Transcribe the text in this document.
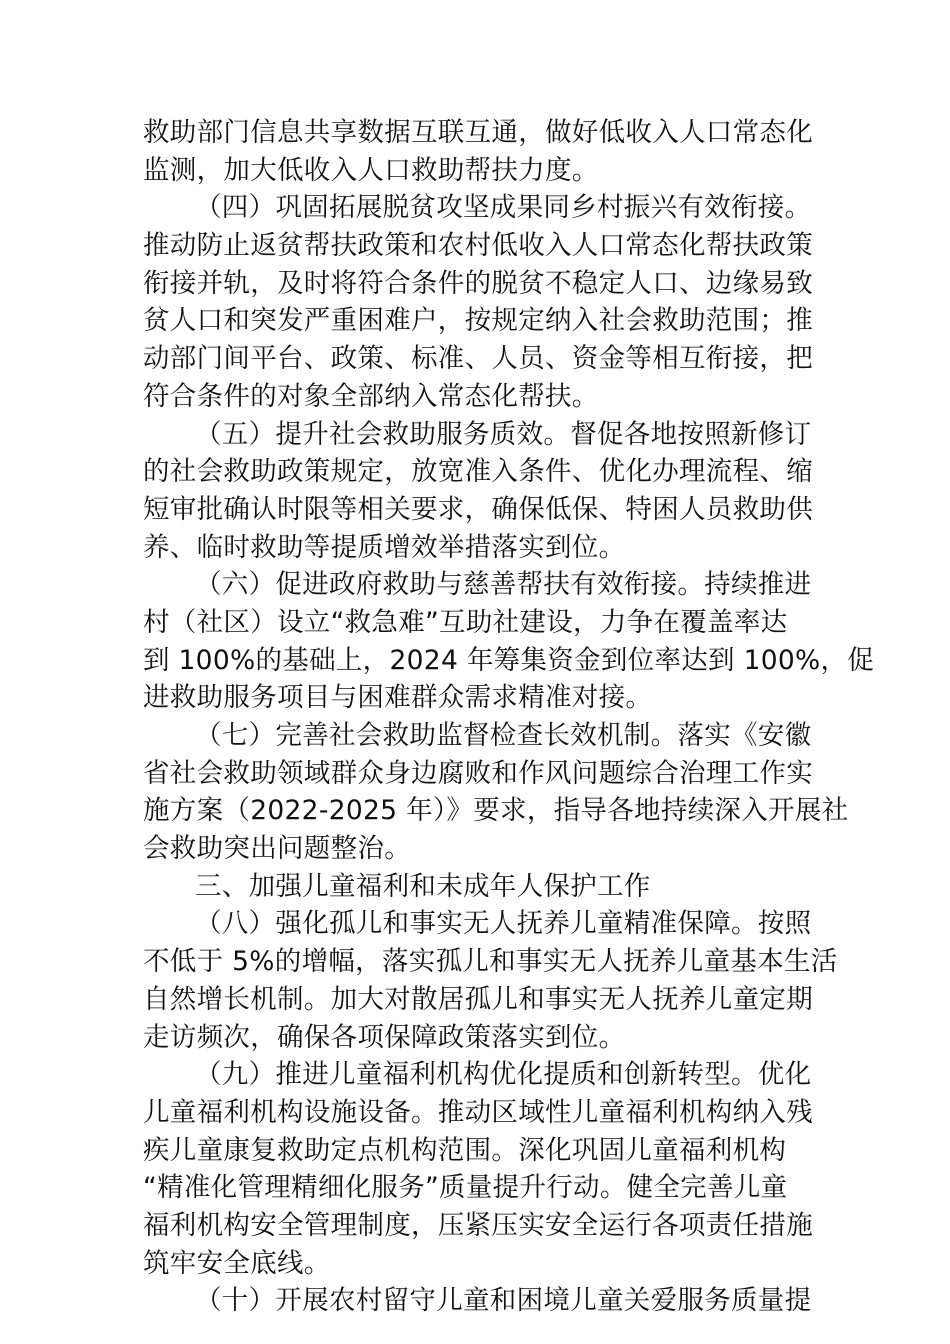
救助部门信息共享数据互联互通，做好低收入人口常态化
监测，加大低收入人口救助帮扶力度。
（四）巩固拓展脱贫攻坚成果同乡村振兴有效衔接。
推动防止返贫帮扶政策和农村低收入人口常态化帮扶政策
衔接并轨，及时将符合条件的脱贫不稳定人口、边缘易致
贫人口和突发严重困难户，按规定纳入社会救助范围；推
动部门间平台、政策、标准、人员、资金等相互衔接，把
符合条件的对象全部纳入常态化帮扶。
（五）提升社会救助服务质效。督促各地按照新修订
的社会救助政策规定，放宽准入条件、优化办理流程、缩
短审批确认时限等相关要求，确保低保、特困人员救助供
养、临时救助等提质增效举措落实到位。
（六）促进政府救助与慈善帮扶有效衔接。持续推进
村（社区）设立“救急难”互助社建设，力争在覆盖率达
到 100%的基础上，2024 年筹集资金到位率达到 100%，促
进救助服务项目与困难群众需求精准对接。
（七）完善社会救助监督检查长效机制。落实《安徽
省社会救助领域群众身边腐败和作风问题综合治理工作实
施方案（2022-2025 年）》要求，指导各地持续深入开展社
会救助突出问题整治。
三、加强儿童福利和未成年人保护工作
（八）强化孤儿和事实无人抚养儿童精准保障。按照
不低于 5%的增幅，落实孤儿和事实无人抚养儿童基本生活
自然增长机制。加大对散居孤儿和事实无人抚养儿童定期
走访频次，确保各项保障政策落实到位。
（九）推进儿童福利机构优化提质和创新转型。优化
儿童福利机构设施设备。推动区域性儿童福利机构纳入残
疾儿童康复救助定点机构范围。深化巩固儿童福利机构
“精准化管理精细化服务”质量提升行动。健全完善儿童
福利机构安全管理制度，压紧压实安全运行各项责任措施
筑牢安全底线。
（十）开展农村留守儿童和困境儿童关爱服务质量提
